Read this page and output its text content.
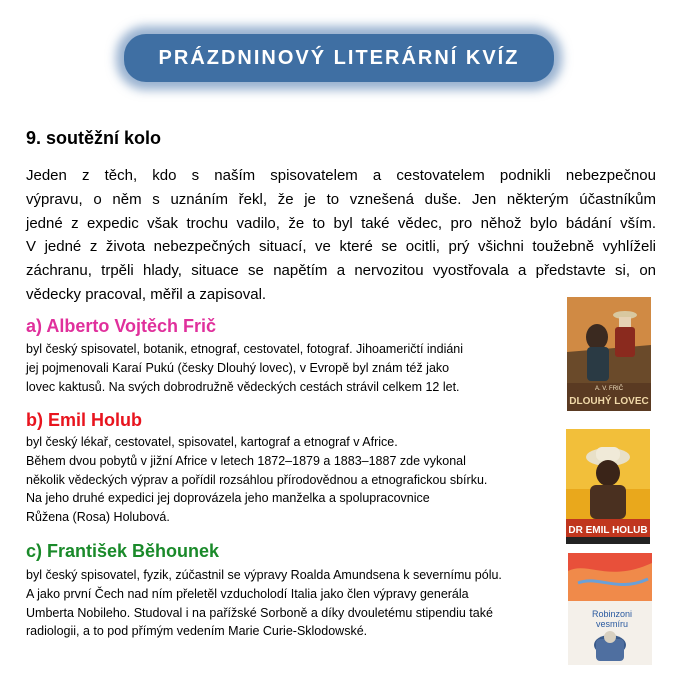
PRÁZDNINOVÝ LITERÁRNÍ KVÍZ
9. soutěžní kolo
Jeden z těch, kdo s naším spisovatelem a cestovatelem podnikli nebezpečnou
výpravu, o něm s uznáním řekl, že je to vznešená duše. Jen některým účastníkům
jedné z expedic však trochu vadilo, že to byl také vědec, pro něhož bylo bádání vším.
V jedné z života nebezpečných situací, ve které se ocitli, prý všichni toužebně vyhlíželi
záchranu, trpěli hlady, situace se napětím a nervozitou vyostřovala a představte si, on
vědecky pracoval, měřil a zapisoval.
a) Alberto Vojtěch Frič
byl český spisovatel, botanik, etnograf, cestovatel, fotograf. Jihoameričtí indiáni
jej pojmenovali Karaí Pukú (česky Dlouhý lovec), v Evropě byl znám též jako
lovec kaktusů. Na svých dobrodružně vědeckých cestách strávil celkem 12 let.
b) Emil Holub
byl český lékař, cestovatel, spisovatel, kartograf a etnograf v Africe.
Během dvou pobytů v jižní Africe v letech 1872–1879 a 1883–1887 zde vykonal
několik vědeckých výprav a pořídil rozsáhlou přírodovědnou a etnografickou sbírku.
Na jeho druhé expedici jej doprovázela jeho manželka a spolupracovnice
Růžena (Rosa) Holubová.
c) František Běhounek
byl český spisovatel, fyzik, zúčastnil se výpravy Roalda Amundsena k severnímu pólu.
A jako první Čech nad ním přeletěl vzducholodí Italia jako člen výpravy generála
Umberta Nobileho. Studoval i na pařížské Sorboně a díky dvouletému stipendiu také
radiologii, a to pod přímým vedením Marie Curie-Sklodowské.
A. V. FRIČ
DLOUHÝ LOVEC
DR EMIL HOLUB
Robinzoni
vesmíru
